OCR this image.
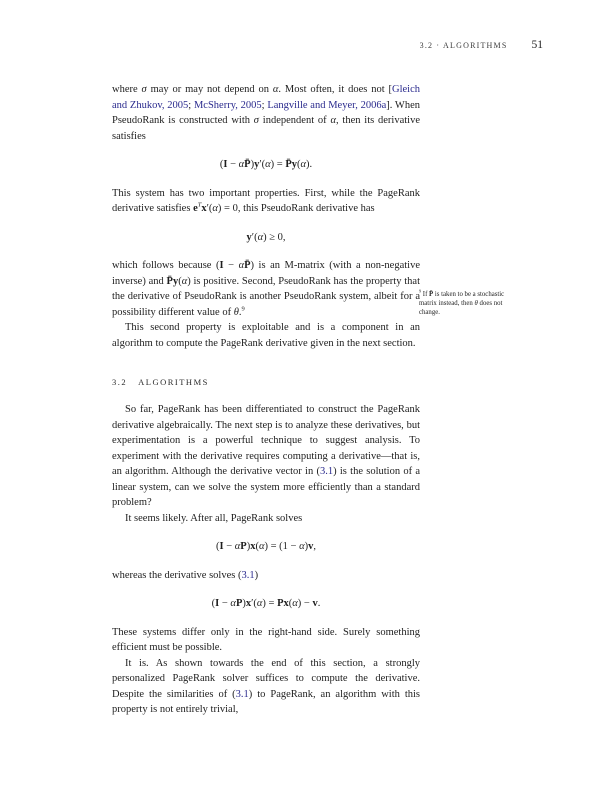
3.2 · ALGORITHMS 51

where σ may or may not depend on α. Most often, it does not [Gleich and Zhukov, 2005; McSherry, 2005; Langville and Meyer, 2006a]. When PseudoRank is constructed with σ independent of α, then its derivative satisfies

(I − αP̄)y′(α) = P̄y(α).

This system has two important properties. First, while the PageRank derivative satisfies $e^Tx'(\alpha) = 0$, this PseudoRank derivative has

y′(α) ≥ 0,

which follows because (I − αP̄) is an M-matrix (with a non-negative inverse) and P̄y(α) is positive. Second, PseudoRank has the property that the derivative of PseudoRank is another PseudoRank system, albeit for a possibility different value of θ.$^9$

This second property is exploitable and is a component in an algorithm to compute the PageRank derivative given in the next section.

3.2 ALGORITHMS

So far, PageRank has been differentiated to construct the PageRank derivative algebraically. The next step is to analyze these derivatives, but experimentation is a powerful technique to suggest analysis. To experiment with the derivative requires computing a derivative—that is, an algorithm. Although the derivative vector in (3.1) is the solution of a linear system, can we solve the system more efficiently than a standard problem?

It seems likely. After all, PageRank solves

(I − αP)x(α) = (1 − α)v,

whereas the derivative solves (3.1)

(I − αP)x′(α) = Px(α) − v.

These systems differ only in the right-hand side. Surely something efficient must be possible.

It is. As shown towards the end of this section, a strongly personalized PageRank solver suffices to compute the derivative. Despite the similarities of (3.1) to PageRank, an algorithm with this property is not entirely trivial,

$^9$ If P̄ is taken to be a stochastic matrix instead, then θ does not change.
